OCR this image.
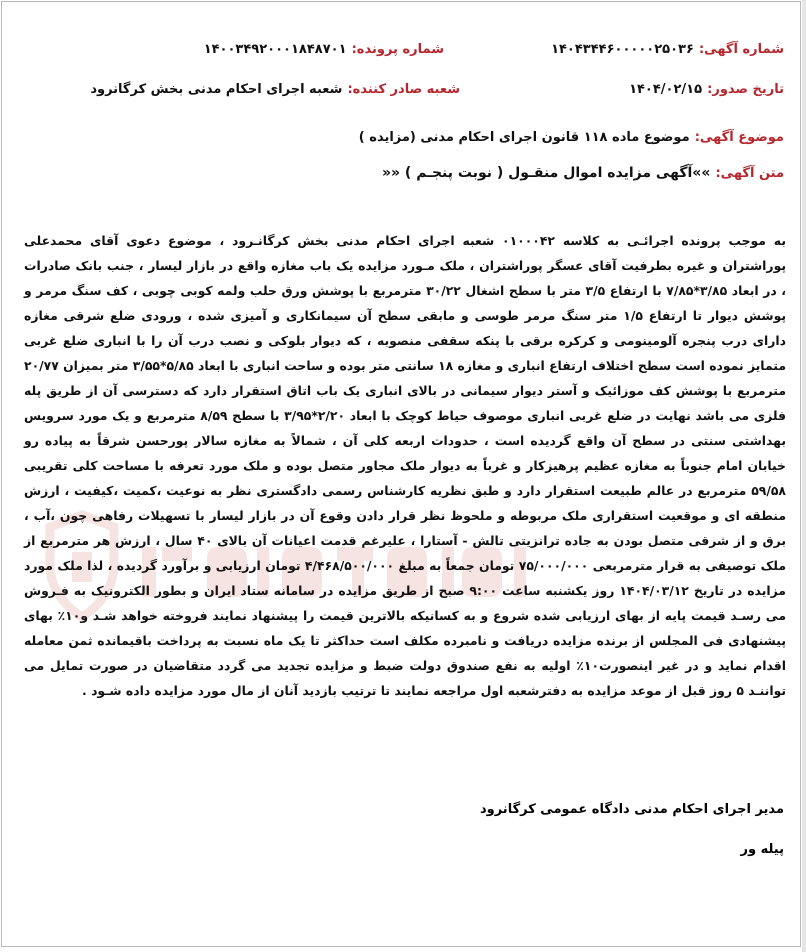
شماره آگهی: ۱۴۰۴۳۴۴۶۰۰۰۰۰۲۵۰۳۶
شماره پرونده: ۱۴۰۰۳۴۹۲۰۰۰۱۸۴۸۷۰۱
تاریخ صدور: ۱۴۰۴/۰۲/۱۵
شعبه صادر کننده: شعبه اجرای احکام مدنی بخش کرگانرود
موضوع آگهی: موضوع ماده ۱۱۸ قانون اجرای احکام مدنی (مزایده )
متن آگهی: »»آگهی مزایده اموال منقـول ( نوبت پنجـم ) ««
به موجب پرونده اجرائـی به کلاسه ۰۱۰۰۰۴۲ شعبه اجرای احکام مدنی بخش کرگانـرود ، موضوع دعوی آقای محمدعلی پوراشتران و غیره بطرفیت آقای عسگر پوراشتران ، ملک مـورد مزایده یک باب مغازه واقع در بازار لیسار ، جنب بانک صادرات ، در ابعاد ۳/۸۵*۷/۸۵ با ارتفاع ۳/۵ متر با سطح اشغال ۳۰/۲۲ مترمربع با پوشش ورق حلب ولمه کوبی چوبی ، کف سنگ مرمر و پوشش دیوار تا ارتفاع ۱/۵ متر سنگ مرمر طوسی و مابقی سطح آن سیمانکاری و آمیزی شده ، ورودی ضلع شرقی مغازه دارای درب پنجره آلومینومی و کرکره برقی با پنکه سقفی منصوبه ، که دیوار بلوکی و نصب درب آن را با انباری ضلع غربی متمایز نموده است سطح اختلاف ارتفاع انباری و مغازه ۱۸ سانتی متر بوده و ساحت انباری با ابعاد ۵/۸۵*۳/۵۵ متر بمیزان ۲۰/۷۷ مترمربع با پوشش کف موزائیک و آستر دیوار سیمانی در بالای انباری یک باب اتاق استقرار دارد که دسترسی آن از طریق پله فلزی می باشد نهایت در ضلع غربی انباری موصوف حیاط کوچک با ابعاد ۲/۲۰*۳/۹۵ با سطح ۸/۵۹ مترمربع و یک مورد سرویس بهداشتی سنتی در سطح آن واقع گردیده است ، حدودات اربعه کلی آن ، شمالاً به مغازه سالار پورحسن شرقاً به پیاده رو خیابان امام جنوباً به مغازه عظیم پرهیزکار و غرباً به دیوار ملک مجاور متصل بوده و ملک مورد تعرفه با مساحت کلی تقریبی ۵۹/۵۸ مترمربع در عالم طبیعت استقرار دارد و طبق نظریه کارشناس رسمی دادگستری نظر به نوعیت ،کمیت ،کیفیت ، ارزش منطقه ای و موقعیت استقراری ملک مربوطه و ملحوظ نظر قرار دادن وقوع آن در بازار لیسار با تسهیلات رفاهی چون ،آب ، برق و از شرقی متصل بودن به جاده ترانزیتی تالش - آستارا ، علیرغم قدمت اعیانات آن بالای ۴۰ سال ، ارزش هر مترمربع از ملک توصیفی به قرار مترمربعی ۷۵/۰۰۰/۰۰۰ تومان جمعاً به مبلغ ۴/۴۶۸/۵۰۰/۰۰۰ تومان ارزیابی و برآورد گردیده ، لذا ملک مورد مزایده در تاریخ ۱۴۰۴/۰۳/۱۲ روز یکشنبه ساعت ۹:۰۰ صبح از طریق مزایده در سامانه ستاد ایران و بطور الکترونیک به فـروش می رسـد قیمت پایه از بهای ارزیابی شده شروع و به کسانیکه بالاترین قیمت را پیشنهاد نمایند فروخته خواهد شـد و۱۰٪ بهای پیشنهادی فی المجلس از برنده مزایده دریافت و نامبرده مکلف است حداکثر تا یک ماه نسبت به پرداخت باقیمانده ثمن معامله اقدام نماید و در غیر اینصورت۱۰٪ اولیه به نفع صندوق دولت ضبط و مزایده تجدید می گردد متقاضیان در صورت تمایل می تواننـد ۵ روز قبل از موعد مزایده به دفترشعبه اول مراجعه نمایند تا ترتیب بازدید آنان از مال مورد مزایده داده شـود .
مدیر اجرای احکام مدنی دادگاه عمومی کرگانرود
پیله ور
